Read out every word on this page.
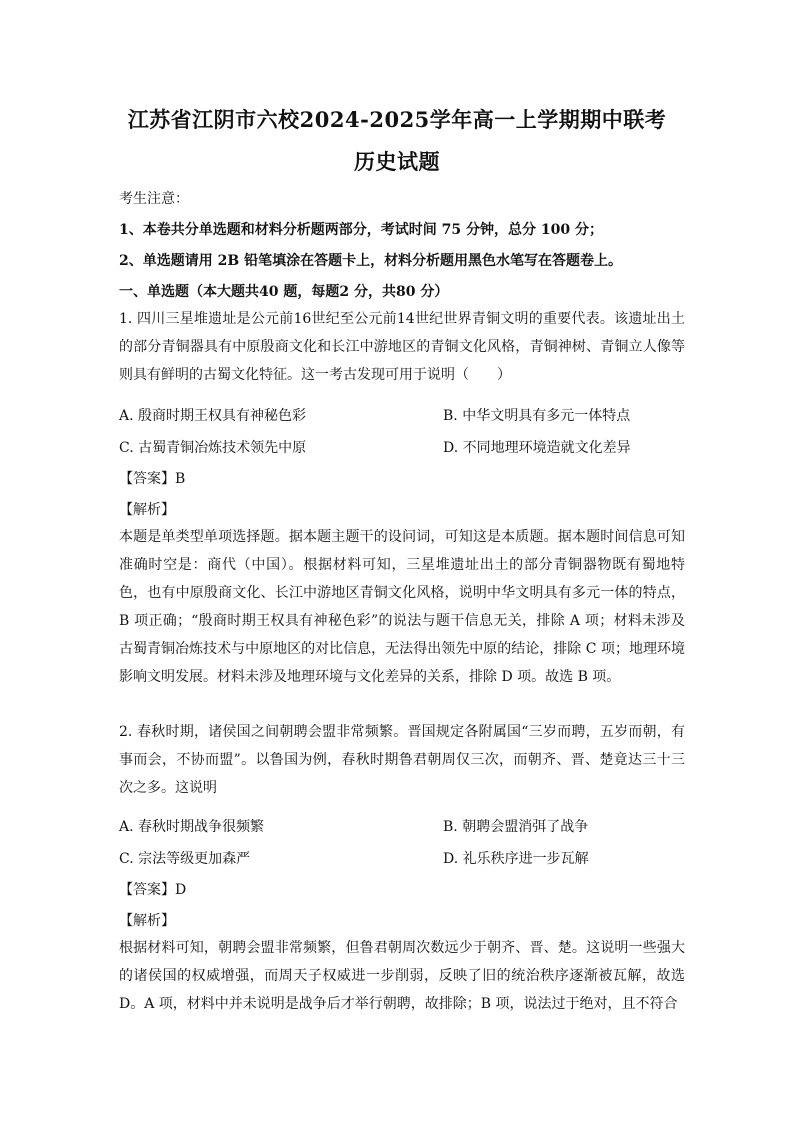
江苏省江阴市六校2024-2025学年高一上学期期中联考
历史试题
考生注意：
1、本卷共分单选题和材料分析题两部分，考试时间 75 分钟，总分 100 分；
2、单选题请用 2B 铅笔填涂在答题卡上，材料分析题用黑色水笔写在答题卷上。
一、单选题（本大题共40 题，每题2 分，共80 分）
1. 四川三星堆遗址是公元前16世纪至公元前14世纪世界青铜文明的重要代表。该遗址出土的部分青铜器具有中原殷商文化和长江中游地区的青铜文化风格，青铜神树、青铜立人像等则具有鲜明的古蜀文化特征。这一考古发现可用于说明（　　）
A. 殷商时期王权具有神秘色彩	B. 中华文明具有多元一体特点
C. 古蜀青铜冶炼技术领先中原	D. 不同地理环境造就文化差异
【答案】B
【解析】
本题是单类型单项选择题。据本题主题干的设问词，可知这是本质题。据本题时间信息可知准确时空是：商代（中国）。根据材料可知，三星堆遗址出土的部分青铜器物既有蜀地特色，也有中原殷商文化、长江中游地区青铜文化风格，说明中华文明具有多元一体的特点，B 项正确；“殷商时期王权具有神秘色彩”的说法与题干信息无关，排除 A 项；材料未涉及古蜀青铜冶炼技术与中原地区的对比信息，无法得出领先中原的结论，排除 C 项；地理环境影响文明发展。材料未涉及地理环境与文化差异的关系，排除 D 项。故选 B 项。
2. 春秋时期，诸侯国之间朝聘会盟非常频繁。晋国规定各附属国“三岁而聘，五岁而朝，有事而会，不协而盟”。以鲁国为例，春秋时期鲁君朝周仅三次，而朝齐、晋、楚竟达三十三次之多。这说明
A. 春秋时期战争很频繁	B. 朝聘会盟消弭了战争
C. 宗法等级更加森严	D. 礼乐秩序进一步瓦解
【答案】D
【解析】
根据材料可知，朝聘会盟非常频繁，但鲁君朝周次数远少于朝齐、晋、楚。这说明一些强大的诸侯国的权威增强，而周天子权威进一步削弱，反映了旧的统治秩序逐渐被瓦解，故选 D。A 项，材料中并未说明是战争后才举行朝聘，故排除；B 项，说法过于绝对，且不符合
